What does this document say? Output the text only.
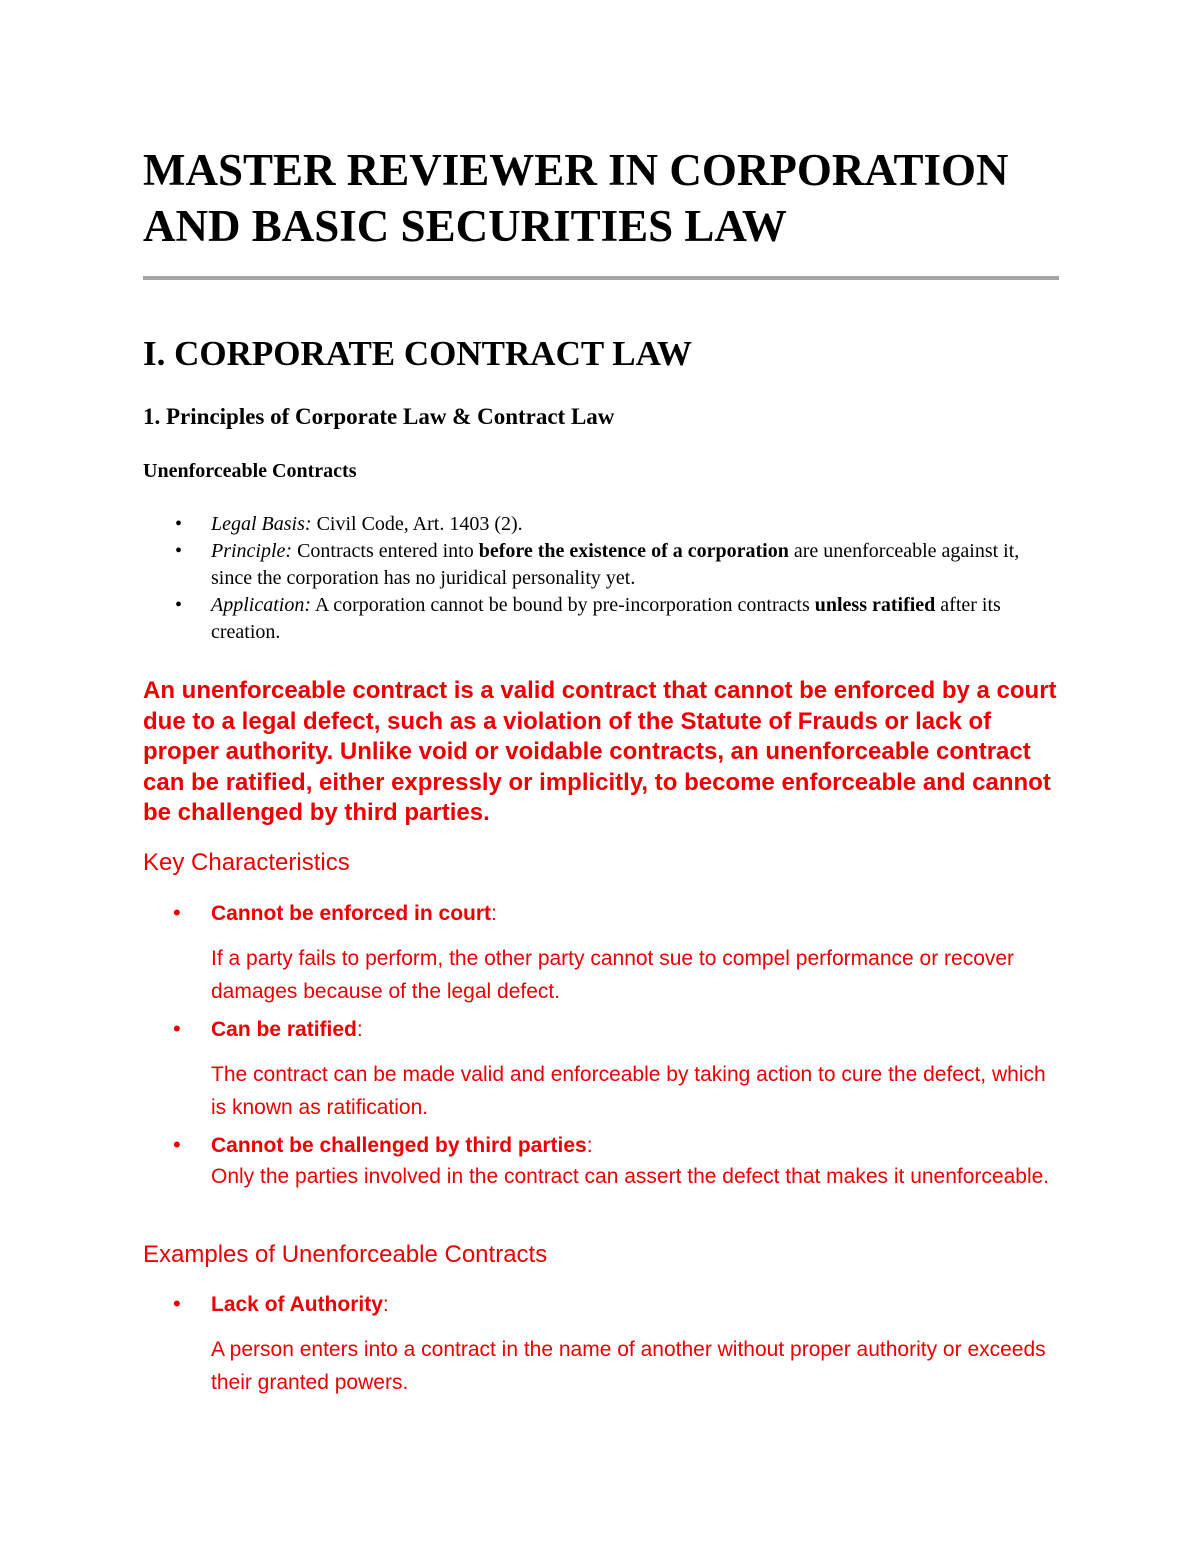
MASTER REVIEWER IN CORPORATION
AND BASIC SECURITIES LAW
I. CORPORATE CONTRACT LAW
1. Principles of Corporate Law & Contract Law
Unenforceable Contracts
• Legal Basis: Civil Code, Art. 1403 (2).
• Principle: Contracts entered into before the existence of a corporation are unenforceable against it, since the corporation has no juridical personality yet.
• Application: A corporation cannot be bound by pre-incorporation contracts unless ratified after its creation.

An unenforceable contract is a valid contract that cannot be enforced by a court due to a legal defect, such as a violation of the Statute of Frauds or lack of proper authority. Unlike void or voidable contracts, an unenforceable contract can be ratified, either expressly or implicitly, to become enforceable and cannot be challenged by third parties.

Key Characteristics
• Cannot be enforced in court:
If a party fails to perform, the other party cannot sue to compel performance or recover damages because of the legal defect.
• Can be ratified:
The contract can be made valid and enforceable by taking action to cure the defect, which is known as ratification.
• Cannot be challenged by third parties:
Only the parties involved in the contract can assert the defect that makes it unenforceable.
Examples of Unenforceable Contracts
• Lack of Authority:
A person enters into a contract in the name of another without proper authority or exceeds their granted powers.
